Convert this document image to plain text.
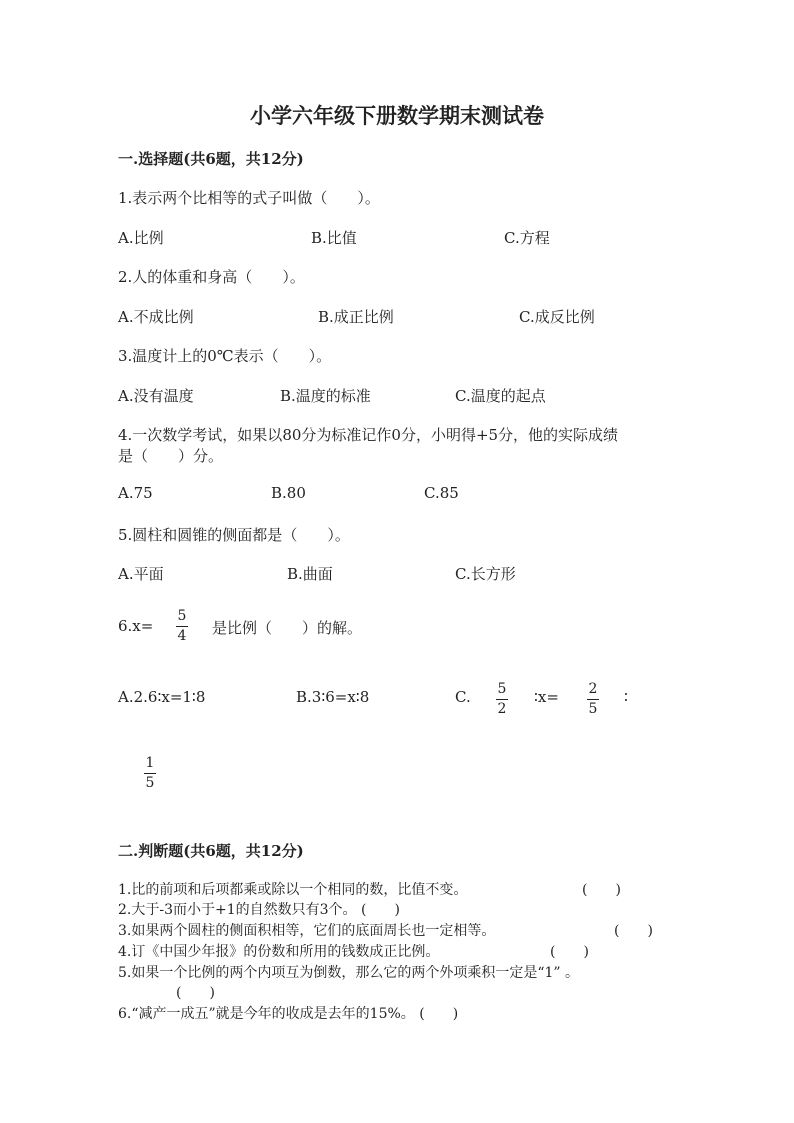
小学六年级下册数学期末测试卷
一.选择题(共6题，共12分)
1.表示两个比相等的式子叫做（　　）。
A.比例	B.比值	C.方程
2.人的体重和身高（　　）。
A.不成比例	B.成正比例	C.成反比例
3.温度计上的0℃表示（　　）。
A.没有温度	B.温度的标准	C.温度的起点
4.一次数学考试，如果以80分为标准记作0分，小明得+5分，他的实际成绩
是（　　）分。
A.75	B.80	C.85
5.圆柱和圆锥的侧面都是（　　）。
A.平面	B.曲面	C.长方形
6.x=
5
4 是比例（　　）的解。
A.2.6∶x=1∶8	B.3∶6=x∶8	C. 5
2
∶x= 2
5
∶
1
5
二.判断题(共6题，共12分)
1.比的前项和后项都乘或除以一个相同的数，比值不变。	(　　)
2.大于-3而小于+1的自然数只有3个。 (　　)
3.如果两个圆柱的侧面积相等，它们的底面周长也一定相等。	(　　)
4.订《中国少年报》的份数和所用的钱数成正比例。	(　　)
5.如果一个比例的两个内项互为倒数，那么它的两个外项乘积一定是“1” 。
(　　)
6.“减产一成五”就是今年的收成是去年的15%。 (　　)
